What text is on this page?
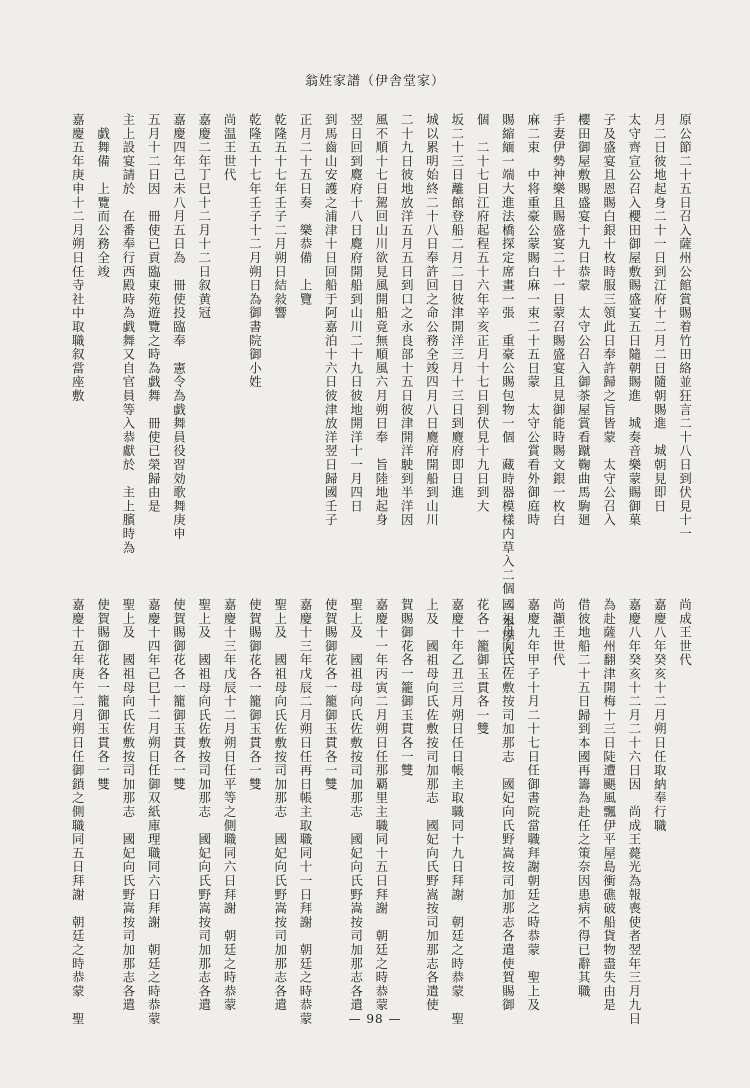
翁姓家譜（伊舎堂家）
原公節二十五日召入薩州公館賞賜着竹田絡並狂言二十八日到伏見十一
月二日彼地起身二十一日到江府十二月二日隨朝賜進　城朝見即日
太守齊宣公召入櫻田御屋敷賜盛宴五日隨朝賜進　城奏音樂蒙賜御菓
子及盛宴且恩賜白銀十枚時服三領此日奉許歸之旨皆蒙　太守公召入
櫻田御屋敷賜盛宴十九日恭蒙　太守公召入御茶屋賞看蹴鞠曲馬駒廻
手妻伊勢神樂且賜盛宴二十一日蒙召賜盛宴且見御能時賜文銀一枚白
麻二束　中将重豪公蒙賜白麻一束二十五日蒙　太守公賞看外御庭時
賜縮緬一端大進法橋探定席畫一張　重豪公賜包物一個　藏時器模樣内草入二個 一本添入三
個　二十七日江府起程五十六年辛亥正月十七日到伏見十九日到大
坂二十三日離館登船二月二日彼津開洋三月十三日到麑府即日進
城以累明始終二十八日奉許回之命公務全竣四月八日麑府開船到山川
二十九日彼地放洋五月五日到口之永良部十五日彼津開洋駛到半洋因
風不順十七日駕回山川欲見風開船竟無順風六月朔日奉　旨陸地起身
翌日回到麑府十八日麑府開船到山川二十九日彼地開洋十一月四日
到馬齒山安護之浦津十日回船于阿嘉泊十六日彼津放洋翌日歸國壬子
正月二十五日奏　樂恭備　上覽
乾隆五十七年壬子二月朔日結敍響
乾隆五十七年壬子十二月朔日為御書院御小姓
尚温王世代
嘉慶二年丁巳十二月十二日叙黄冠
嘉慶四年己未八月五日為　冊使投臨奉　憲令為戯舞員役習効歌舞庚申
五月十二日因　冊使已貢臨東苑遊覽之時為戯舞　冊使已榮歸由是
主上設宴請於　在番奉行西殿時為戯舞又自官員等入恭獻於　主上臏時為
　戯舞備　上覽而公務全竣
嘉慶五年庚申十二月朔日任寺社中取職叙當座敷
尚成王世代
嘉慶八年癸亥十二月朔日任取納奉行職
嘉慶八年癸亥十二月二十六日因　尚成王薨光為報喪使者翌年三月九日
為赴薩州翻津開梅十三日陡遭颶風飄伊平屋島衝礁破船貨物盡失由是
借彼地船二十五日歸到本國再籌為赴任之策奈因患病不得已辭其職
尚灝王世代
嘉慶九年甲子十月二十七日任御書院當職拜謝朝廷之時恭蒙　聖上及
國祖母向氏佐敷按司加那志　國妃向氏野嵩按司加那志各遣使賀賜御
花各一籠御玉貫各一雙
嘉慶十年乙丑三月朔日任日帳主取職同十九日拜謝　朝廷之時恭蒙　聖
上及　國祖母向氏佐敷按司加那志　國妃向氏野嵩按司加那志各遣使
賀賜御花各一籠御玉貫各一雙
嘉慶十一年丙寅二月朔日任那覇里主職同十五日拜謝　朝廷之時恭蒙
聖上及　國祖母向氏佐敷按司加那志　國妃向氏野嵩按司加那志各遣
使賀賜御花各一籠御玉貫各一雙
嘉慶十三年戊辰二月朔日任再日帳主取職同十一日拜謝　朝廷之時恭蒙
聖上及　國祖母向氏佐敷按司加那志　國妃向氏野嵩按司加那志各遣
使賀賜御花各一籠御玉貫各一雙
嘉慶十三年戊辰十二月朔日任平等之側職同六日拜謝　朝廷之時恭蒙
聖上及　國祖母向氏佐敷按司加那志　國妃向氏野嵩按司加那志各遣
使賀賜御花各一籠御玉貫各一雙
嘉慶十四年己巳十二月朔日任御双紙庫理職同六日拜謝　朝廷之時恭蒙
聖上及　國祖母向氏佐敷按司加那志　國妃向氏野嵩按司加那志各遣
使賀賜御花各一籠御玉貫各一雙
嘉慶十五年庚午二月朔日任御鎖之側職同五日拜謝　朝廷之時恭蒙　聖	— 98 —
